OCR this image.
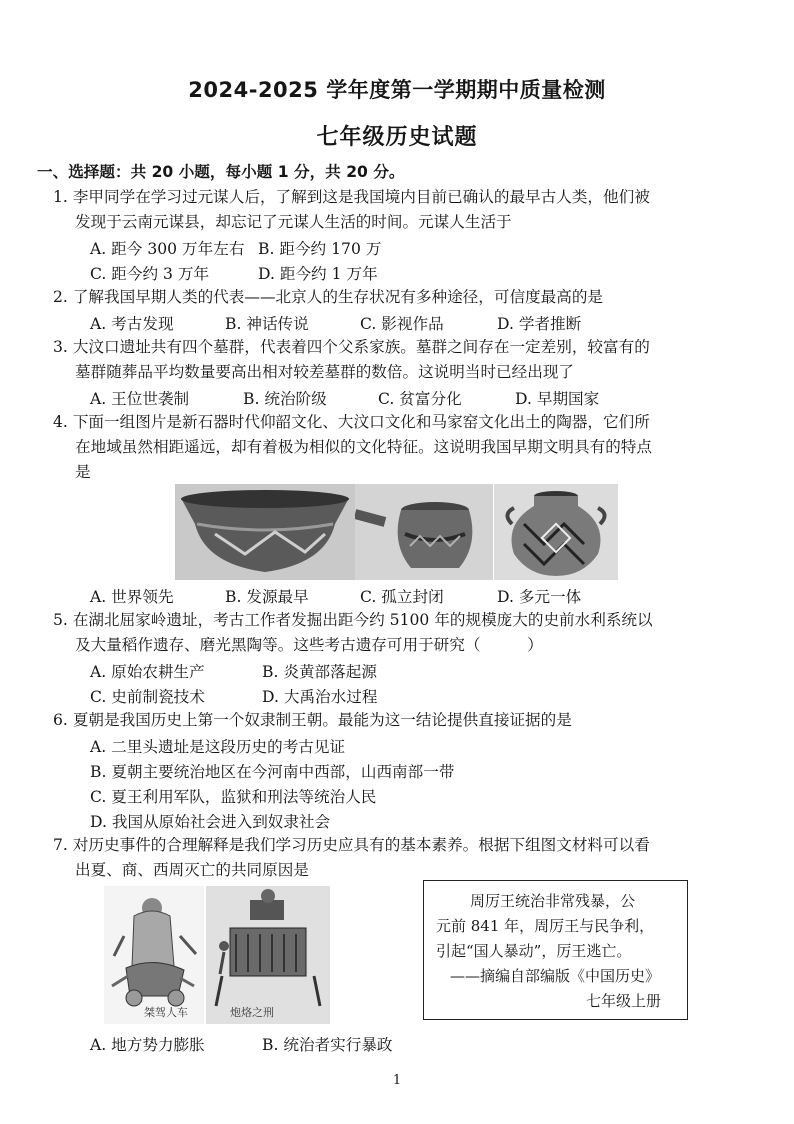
2024-2025 学年度第一学期期中质量检测
七年级历史试题
一、选择题：共 20 小题，每小题 1 分，共 20 分。
1. 李甲同学在学习过元谋人后，了解到这是我国境内目前已确认的最早古人类，他们被
发现于云南元谋县，却忘记了元谋人生活的时间。元谋人生活于
A. 距今 300 万年左右 B. 距今约 170 万
C. 距今约 3 万年	D. 距今约 1 万年
2. 了解我国早期人类的代表——北京人的生存状况有多种途径，可信度最高的是
A. 考古发现	B. 神话传说	C. 影视作品	D. 学者推断
3. 大汶口遗址共有四个墓群，代表着四个父系家族。墓群之间存在一定差别，较富有的
墓群随葬品平均数量要高出相对较差墓群的数倍。这说明当时已经出现了
A. 王位世袭制	B. 统治阶级	C. 贫富分化	D. 早期国家
4. 下面一组图片是新石器时代仰韶文化、大汶口文化和马家窑文化出土的陶器，它们所
在地域虽然相距遥远，却有着极为相似的文化特征。这说明我国早期文明具有的特点
是
A. 世界领先	B. 发源最早	C. 孤立封闭	D. 多元一体
5. 在湖北屈家岭遗址，考古工作者发掘出距今约 5100 年的规模庞大的史前水利系统以
及大量稻作遗存、磨光黑陶等。这些考古遗存可用于研究（　　　）
A. 原始农耕生产	B. 炎黄部落起源
C. 史前制瓷技术	D. 大禹治水过程
6. 夏朝是我国历史上第一个奴隶制王朝。最能为这一结论提供直接证据的是
A. 二里头遗址是这段历史的考古见证
B. 夏朝主要统治地区在今河南中西部，山西南部一带
C. 夏王利用军队，监狱和刑法等统治人民
D. 我国从原始社会进入到奴隶社会
7. 对历史事件的合理解释是我们学习历史应具有的基本素养。根据下组图文材料可以看
出夏、商、西周灭亡的共同原因是
桀驾人车	炮烙之刑
周厉王统治非常残暴，公
元前 841 年，周厉王与民争利，
引起“国人暴动”，厉王逃亡。
——摘编自部编版《中国历史》
七年级上册
A. 地方势力膨胀	B. 统治者实行暴政
1
